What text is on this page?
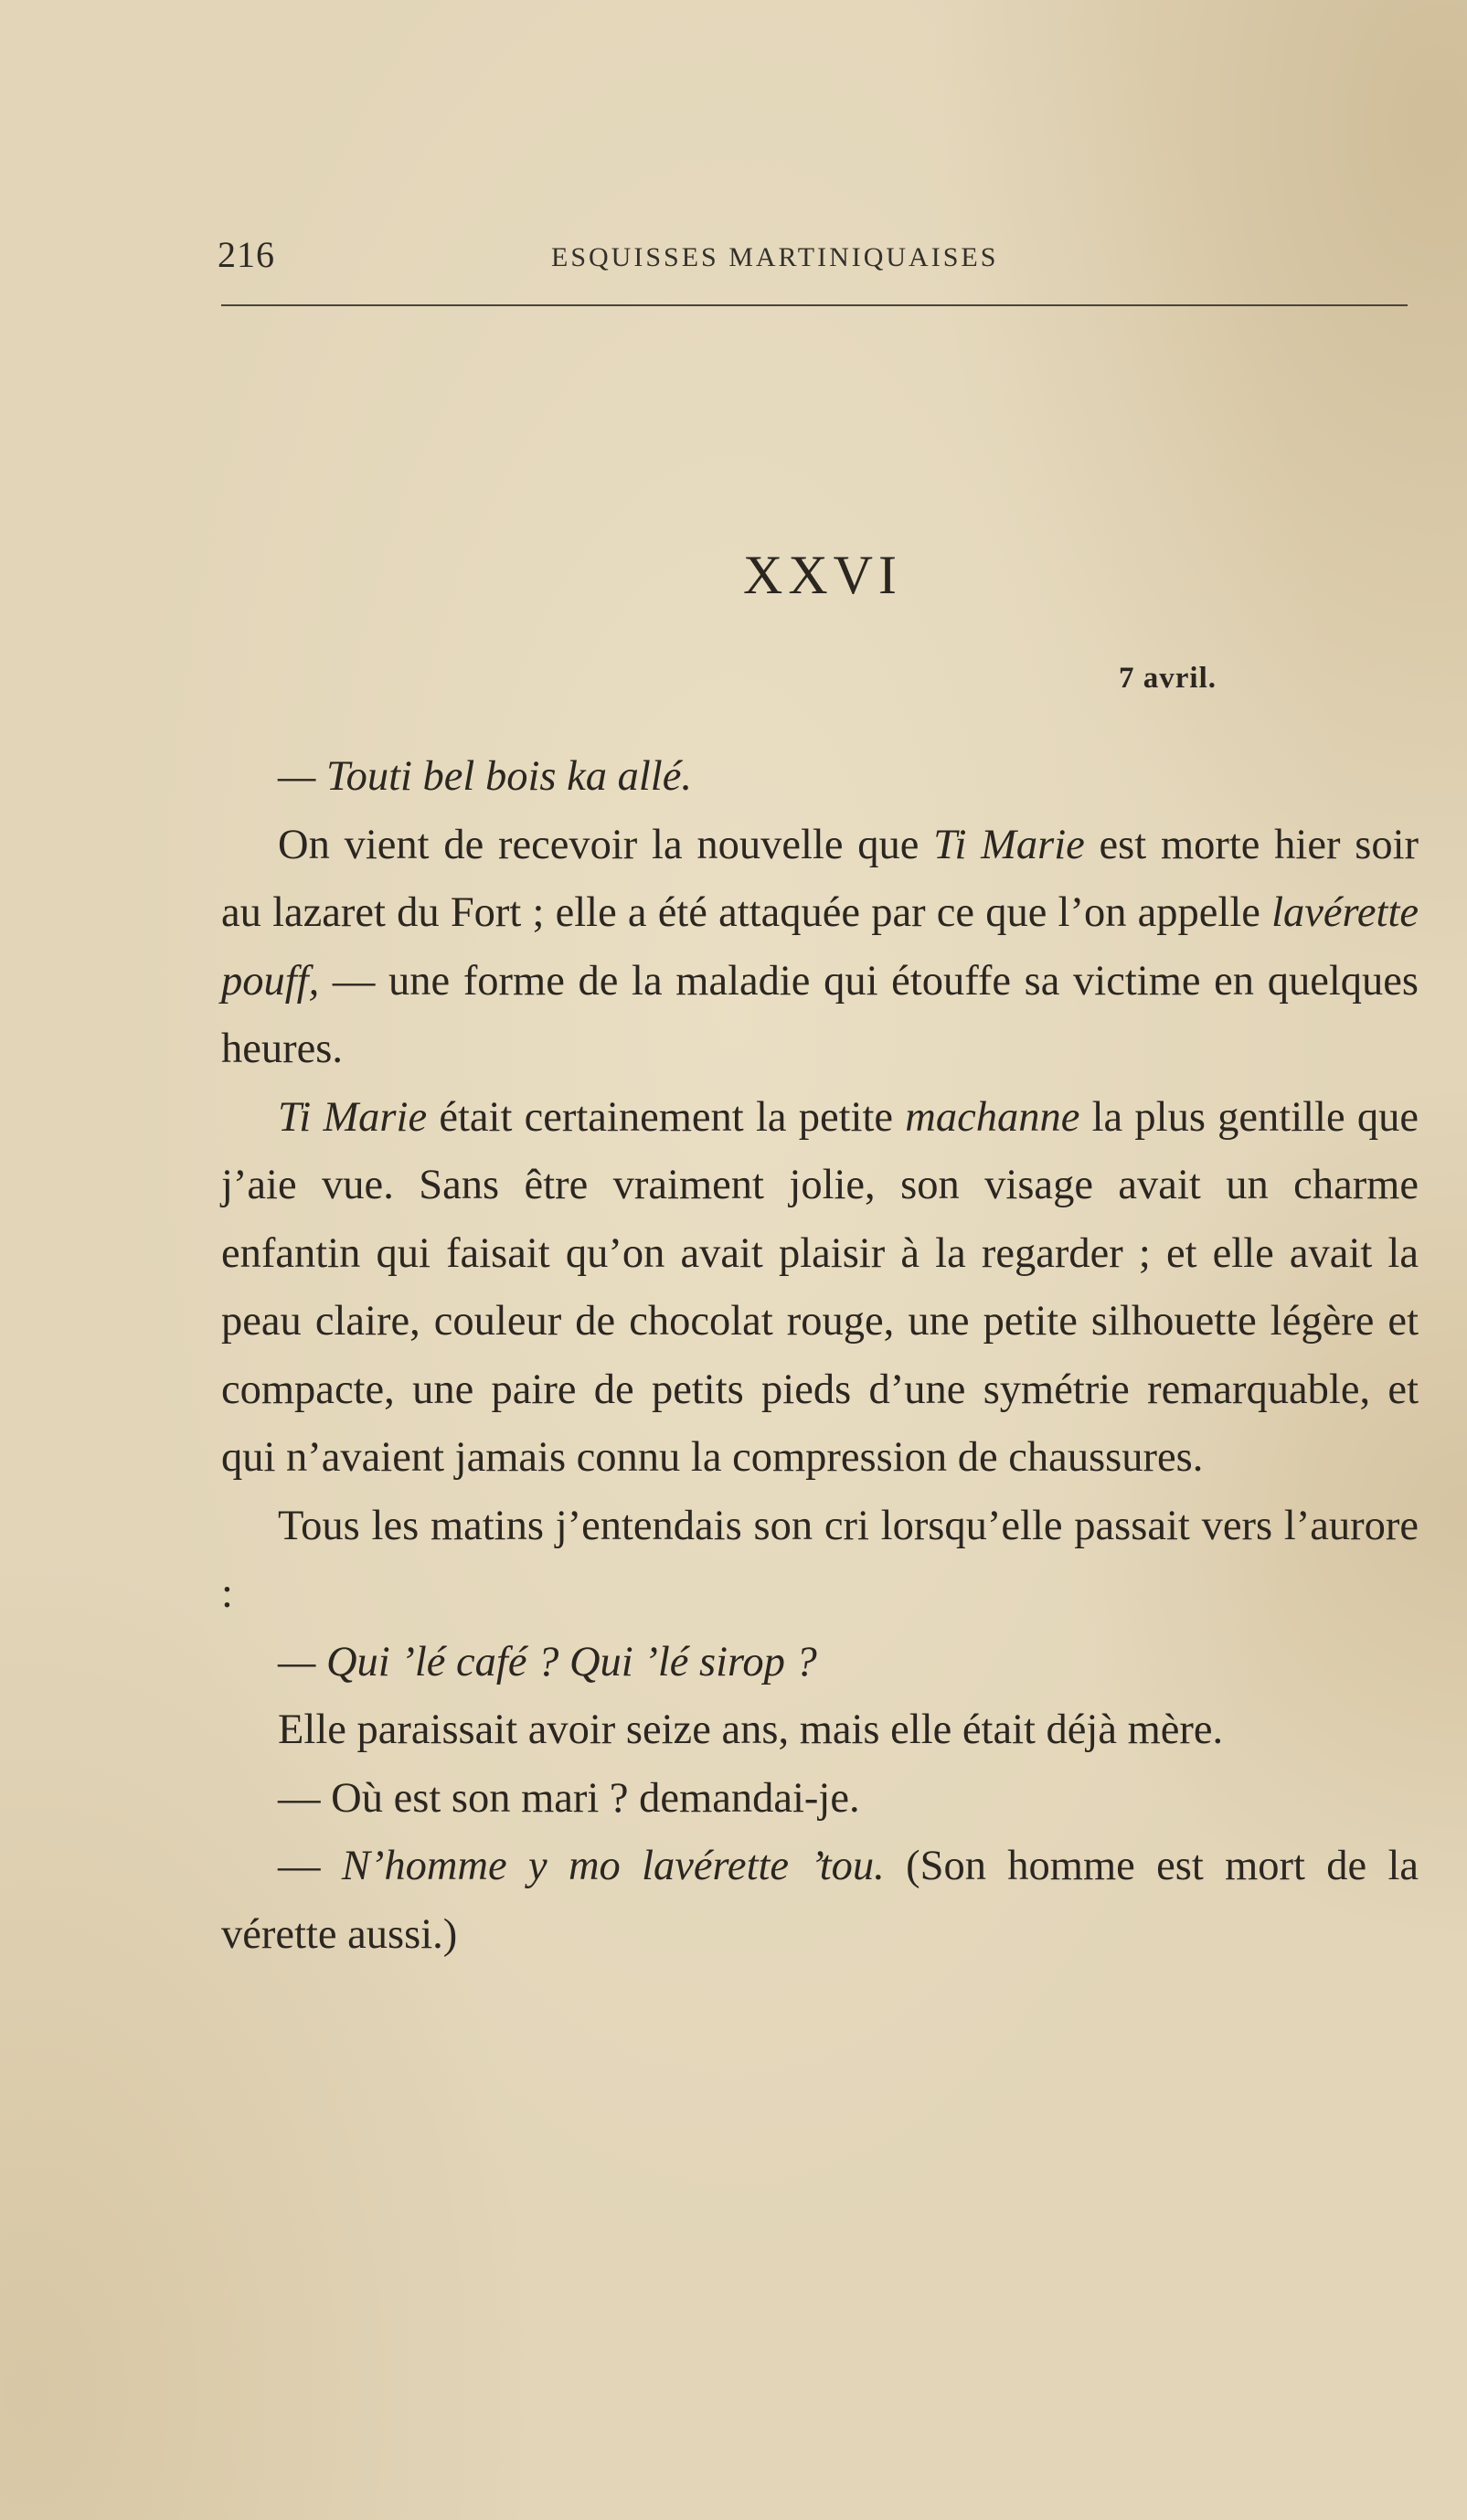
216	ESQUISSES MARTINIQUAISES
XXVI
7 avril.

— Touti bel bois ka allé.

On vient de recevoir la nouvelle que Ti Marie est morte hier soir au lazaret du Fort ; elle a été attaquée par ce que l’on appelle lavérette pouff, — une forme de la maladie qui étouffe sa victime en quelques heures.

Ti Marie était certainement la petite machanne la plus gentille que j’aie vue. Sans être vraiment jolie, son visage avait un charme enfantin qui faisait qu’on avait plaisir à la regarder ; et elle avait la peau claire, couleur de chocolat rouge, une petite silhouette légère et compacte, une paire de petits pieds d’une symétrie remarquable, et qui n’avaient jamais connu la compression de chaussures.

Tous les matins j’entendais son cri lorsqu’elle passait vers l’aurore :

— Qui ’lé café ? Qui ’lé sirop ?

Elle paraissait avoir seize ans, mais elle était déjà mère.

— Où est son mari ? demandai-je.

— N’homme y mo lavérette ’tou. (Son homme est mort de la vérette aussi.)
